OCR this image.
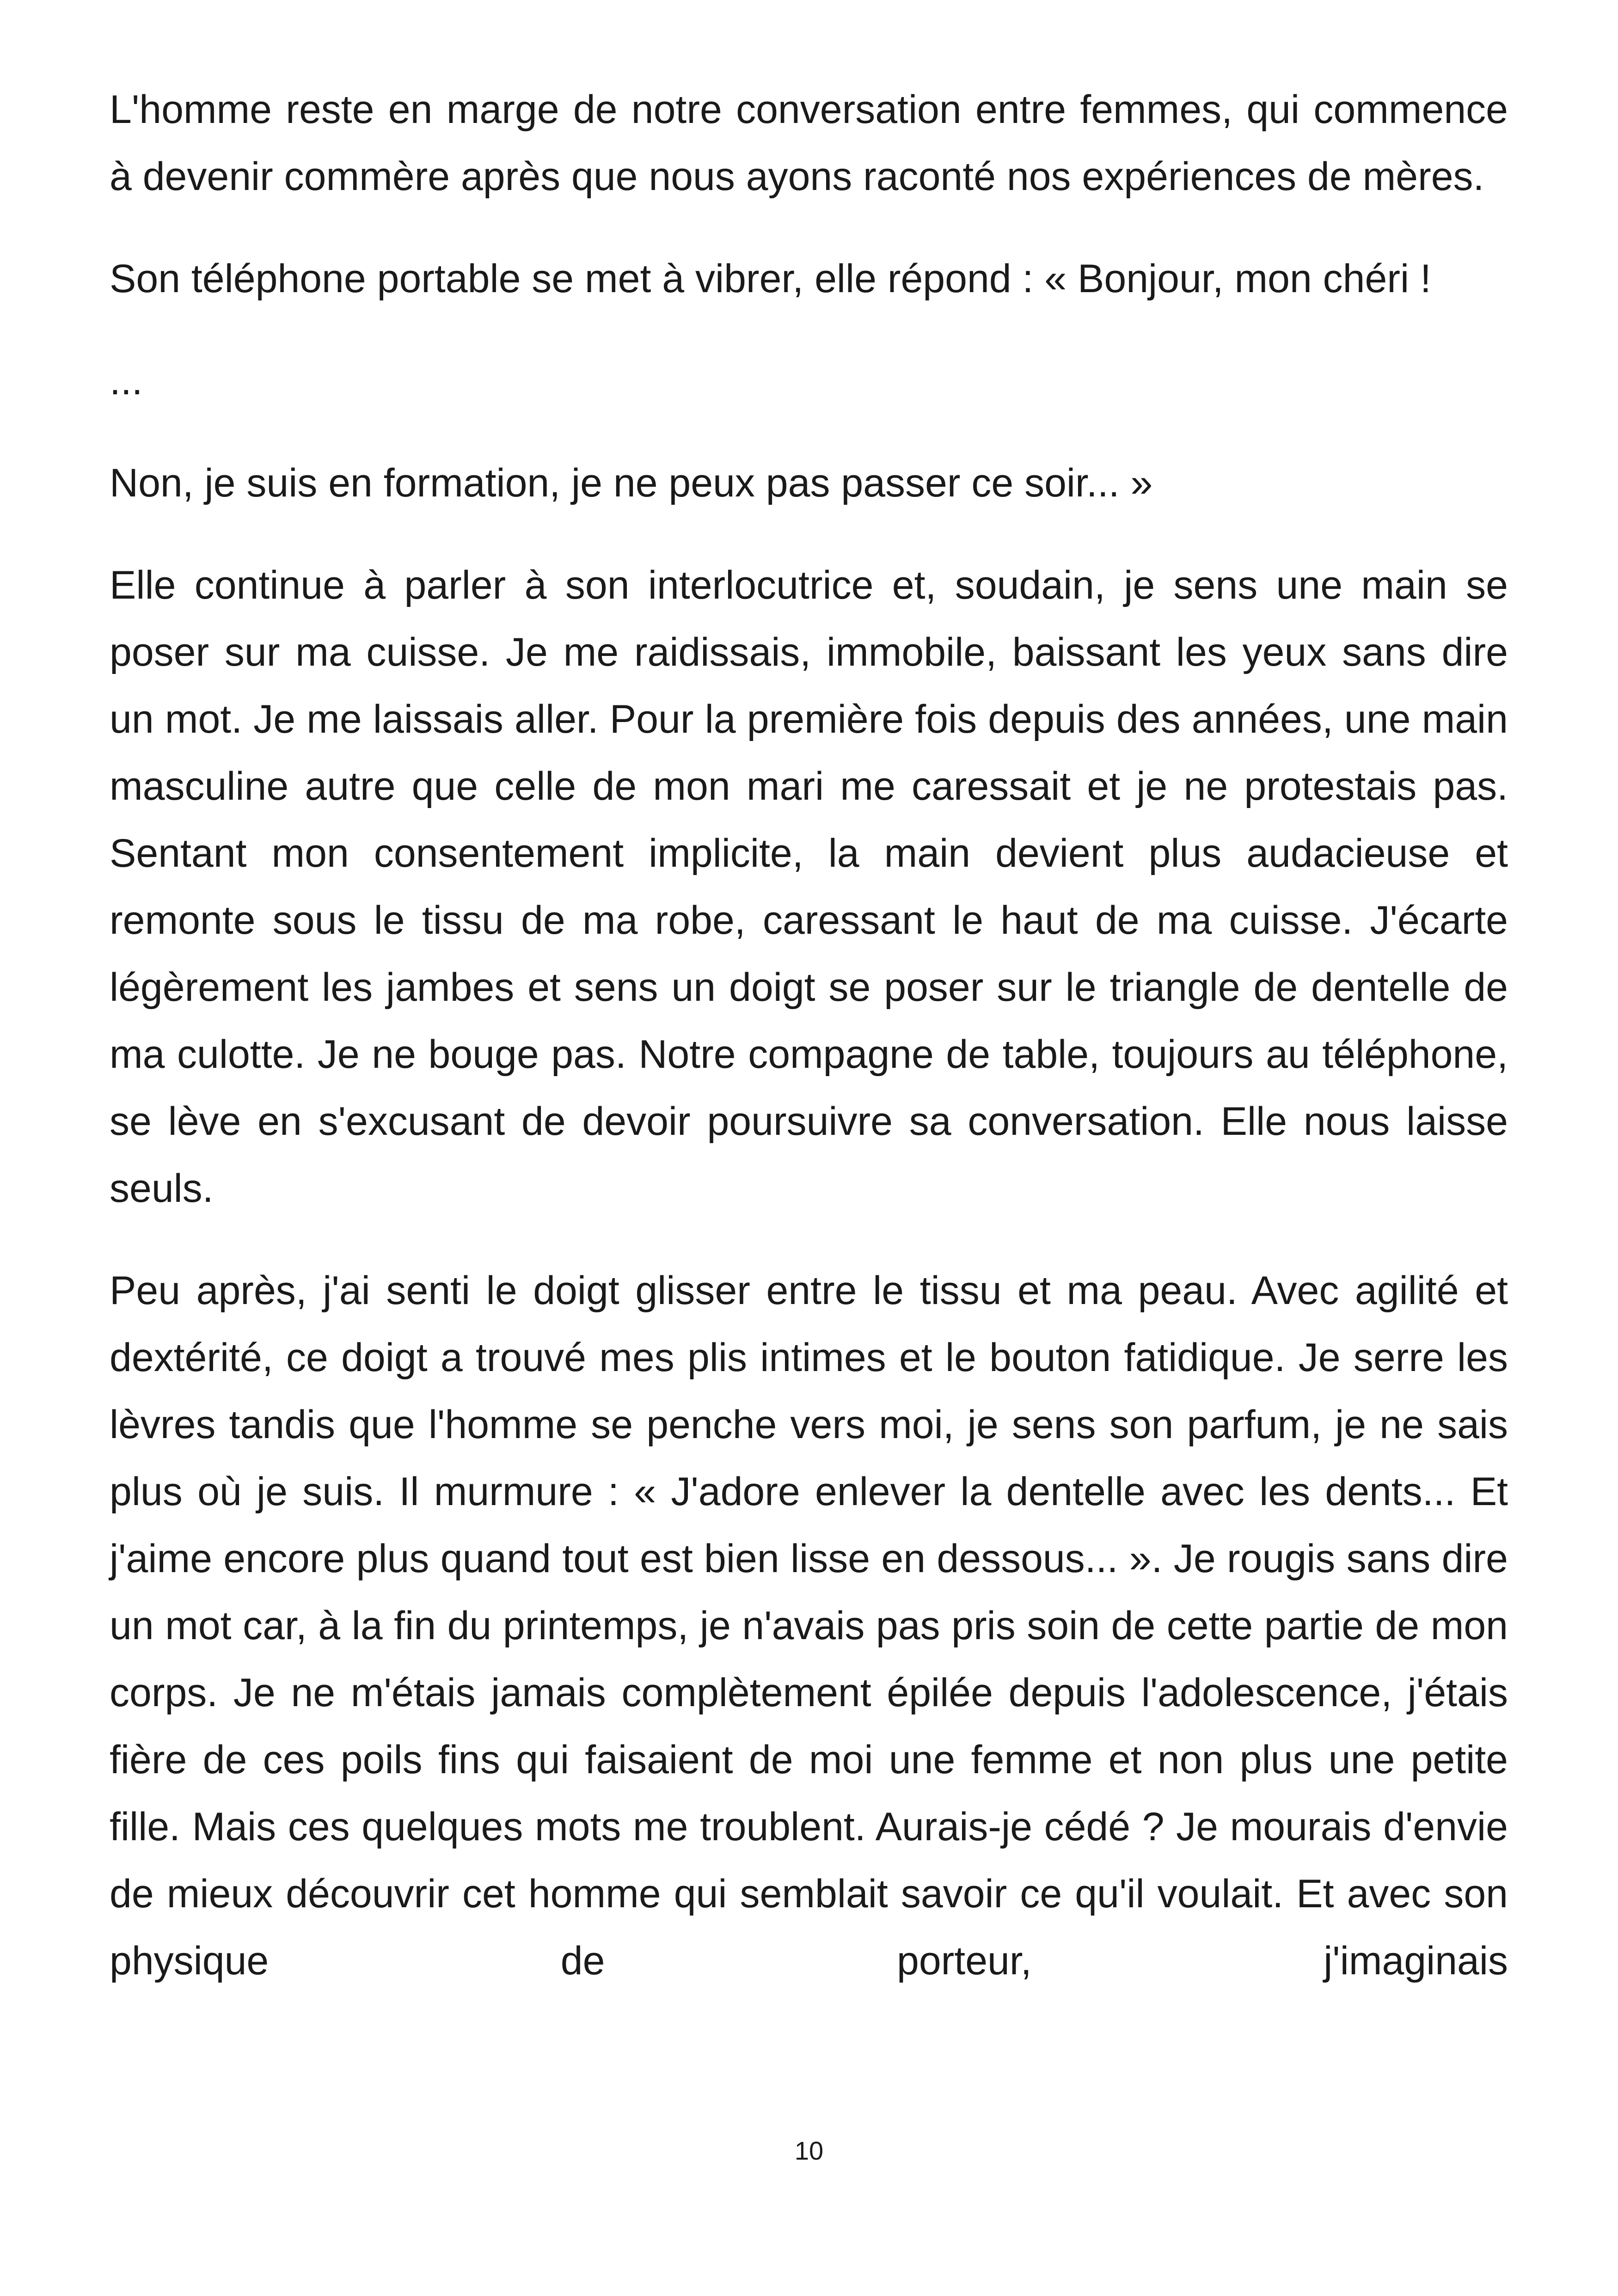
L'homme reste en marge de notre conversation entre femmes, qui commence à devenir commère après que nous ayons raconté nos expériences de mères.

Son téléphone portable se met à vibrer, elle répond : « Bonjour, mon chéri !

...

Non, je suis en formation, je ne peux pas passer ce soir... »

Elle continue à parler à son interlocutrice et, soudain, je sens une main se poser sur ma cuisse. Je me raidissais, immobile, baissant les yeux sans dire un mot. Je me laissais aller. Pour la première fois depuis des années, une main masculine autre que celle de mon mari me caressait et je ne protestais pas. Sentant mon consentement implicite, la main devient plus audacieuse et remonte sous le tissu de ma robe, caressant le haut de ma cuisse. J'écarte légèrement les jambes et sens un doigt se poser sur le triangle de dentelle de ma culotte. Je ne bouge pas. Notre compagne de table, toujours au téléphone, se lève en s'excusant de devoir poursuivre sa conversation. Elle nous laisse seuls.

Peu après, j'ai senti le doigt glisser entre le tissu et ma peau. Avec agilité et dextérité, ce doigt a trouvé mes plis intimes et le bouton fatidique. Je serre les lèvres tandis que l'homme se penche vers moi, je sens son parfum, je ne sais plus où je suis. Il murmure : « J'adore enlever la dentelle avec les dents... Et j'aime encore plus quand tout est bien lisse en dessous... ». Je rougis sans dire un mot car, à la fin du printemps, je n'avais pas pris soin de cette partie de mon corps. Je ne m'étais jamais complètement épilée depuis l'adolescence, j'étais fière de ces poils fins qui faisaient de moi une femme et non plus une petite fille. Mais ces quelques mots me troublent. Aurais-je cédé ? Je mourais d'envie de mieux découvrir cet homme qui semblait savoir ce qu'il voulait. Et avec son physique de porteur, j'imaginais

10
